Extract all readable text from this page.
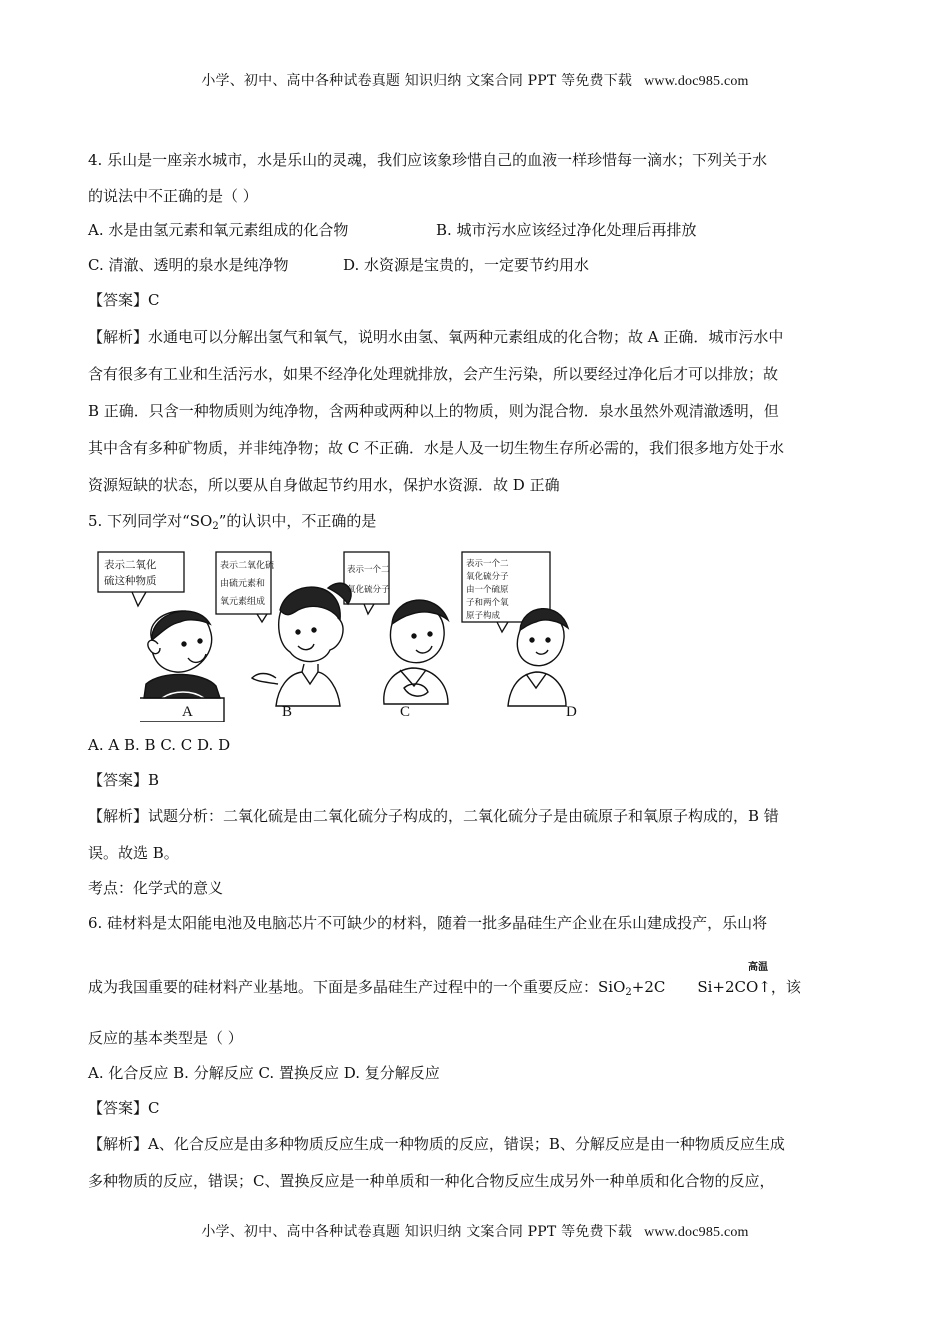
小学、初中、高中各种试卷真题 知识归纳 文案合同 PPT 等免费下载 www.doc985.com
4. 乐山是一座亲水城市，水是乐山的灵魂，我们应该象珍惜自己的血液一样珍惜每一滴水；下列关于水
的说法中不正确的是（ ）
A. 水是由氢元素和氧元素组成的化合物	B. 城市污水应该经过净化处理后再排放
C. 清澈、透明的泉水是纯净物	D. 水资源是宝贵的，一定要节约用水
【答案】C
【解析】水通电可以分解出氢气和氧气，说明水由氢、氧两种元素组成的化合物；故 A 正确．城市污水中
含有很多有工业和生活污水，如果不经净化处理就排放，会产生污染，所以要经过净化后才可以排放；故
B 正确．只含一种物质则为纯净物，含两种或两种以上的物质，则为混合物．泉水虽然外观清澈透明，但
其中含有多种矿物质，并非纯净物；故 C 不正确．水是人及一切生物生存所必需的，我们很多地方处于水
资源短缺的状态，所以要从自身做起节约用水，保护水资源．故 D 正确
5. 下列同学对“$SO_2$”的认识中，不正确的是
表示二氧化
硫这种物质
表示二氧化硫
由硫元素和
氧元素组成
表示一个二
氧化硫分子
表示一个二
氧化硫分子
由一个硫原
子和两个氧
原子构成
A	B	C	D
A. A B. B C. C D. D
【答案】B
【解析】试题分析：二氧化硫是由二氧化硫分子构成的，二氧化硫分子是由硫原子和氧原子构成的，B 错
误。故选 B。
考点：化学式的意义
6. 硅材料是太阳能电池及电脑芯片不可缺少的材料，随着一批多晶硅生产企业在乐山建成投产，乐山将
高温
成为我国重要的硅材料产业基地。下面是多晶硅生产过程中的一个重要反应：SiO$_2$+2C Si+2CO↑，该
反应的基本类型是（ ）
A. 化合反应 B. 分解反应 C. 置换反应 D. 复分解反应
【答案】C
【解析】A、化合反应是由多种物质反应生成一种物质的反应，错误；B、分解反应是由一种物质反应生成
多种物质的反应，错误；C、置换反应是一种单质和一种化合物反应生成另外一种单质和化合物的反应，
小学、初中、高中各种试卷真题 知识归纳 文案合同 PPT 等免费下载 www.doc985.com
